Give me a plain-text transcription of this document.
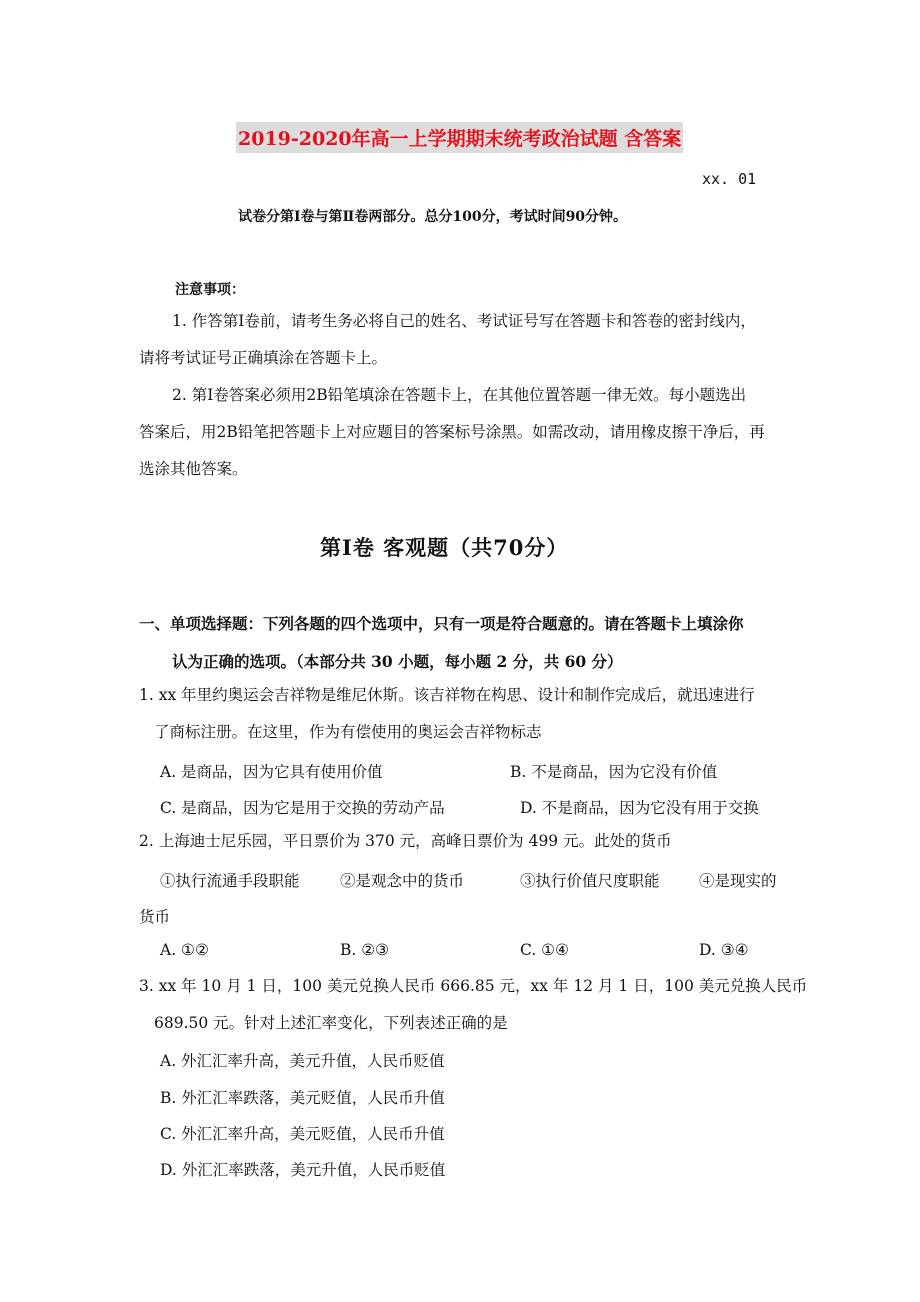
2019-2020年高一上学期期末统考政治试题 含答案
xx. 01
试卷分第Ⅰ卷与第Ⅱ卷两部分。总分100分，考试时间90分钟。
注意事项：
1. 作答第Ⅰ卷前，请考生务必将自己的姓名、考试证号写在答题卡和答卷的密封线内，
请将考试证号正确填涂在答题卡上。
2. 第Ⅰ卷答案必须用2B铅笔填涂在答题卡上，在其他位置答题一律无效。每小题选出
答案后，用2B铅笔把答题卡上对应题目的答案标号涂黑。如需改动，请用橡皮擦干净后，再
选涂其他答案。
第Ⅰ卷 客观题（共70分）
一、单项选择题：下列各题的四个选项中，只有一项是符合题意的。请在答题卡上填涂你
认为正确的选项。（本部分共 30 小题，每小题 2 分，共 60 分）
1. xx 年里约奥运会吉祥物是维尼休斯。该吉祥物在构思、设计和制作完成后，就迅速进行
了商标注册。在这里，作为有偿使用的奥运会吉祥物标志
A. 是商品，因为它具有使用价值	B. 不是商品，因为它没有价值
C. 是商品，因为它是用于交换的劳动产品	D. 不是商品，因为它没有用于交换
2. 上海迪士尼乐园，平日票价为 370 元，高峰日票价为 499 元。此处的货币
①执行流通手段职能	②是观念中的货币	③执行价值尺度职能	④是现实的
货币
A. ①②	B. ②③	C. ①④	D. ③④
3. xx 年 10 月 1 日，100 美元兑换人民币 666.85 元，xx 年 12 月 1 日，100 美元兑换人民币
689.50 元。针对上述汇率变化，下列表述正确的是
A. 外汇汇率升高，美元升值，人民币贬值
B. 外汇汇率跌落，美元贬值，人民币升值
C. 外汇汇率升高，美元贬值，人民币升值
D. 外汇汇率跌落，美元升值，人民币贬值
